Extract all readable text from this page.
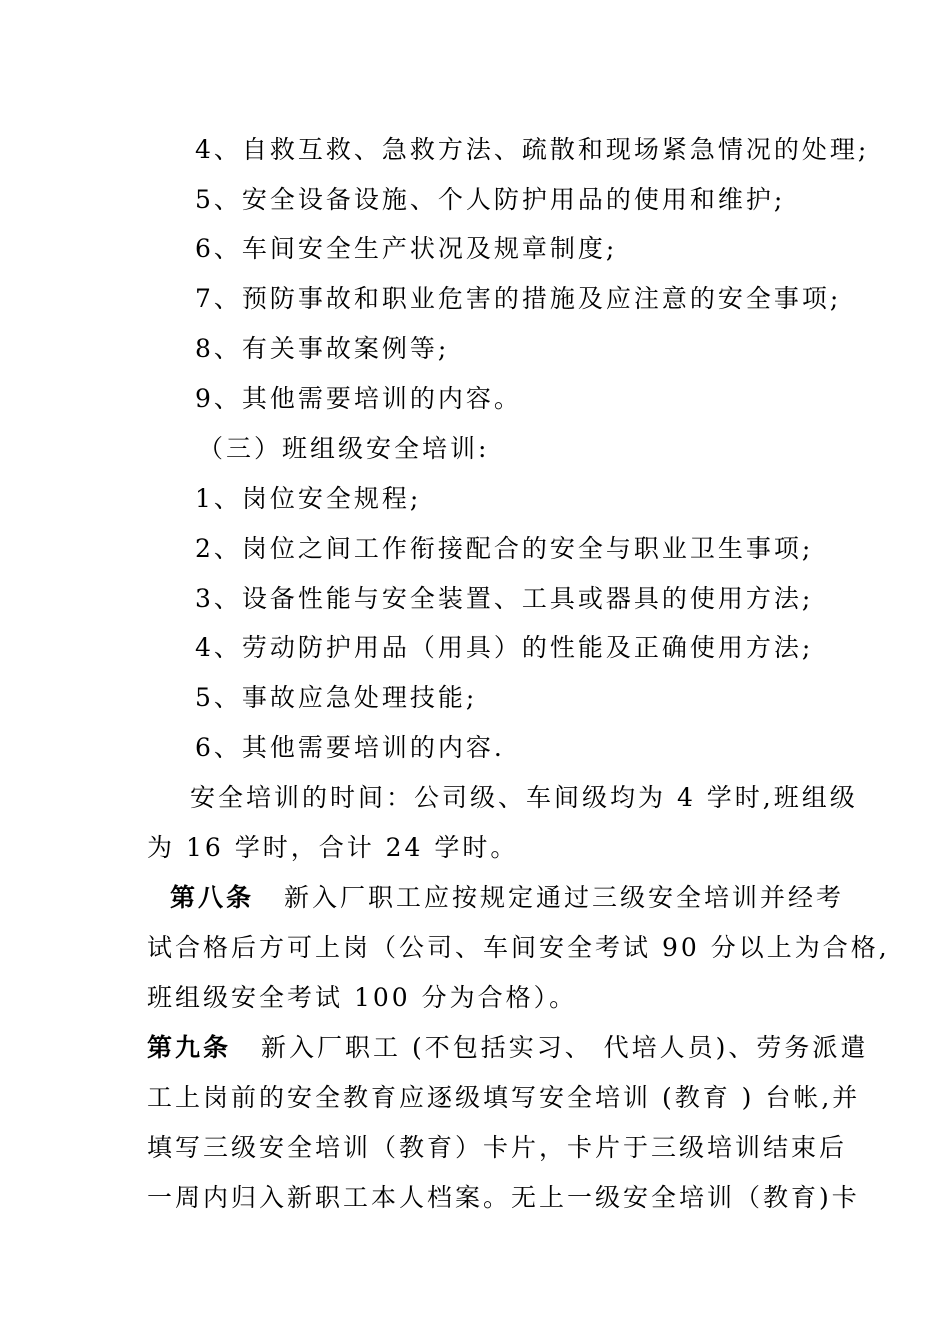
4、自救互救、急救方法、疏散和现场紧急情况的处理;
5、安全设备设施、个人防护用品的使用和维护;
6、车间安全生产状况及规章制度;
7、预防事故和职业危害的措施及应注意的安全事项;
8、有关事故案例等;
9、其他需要培训的内容。
（三）班组级安全培训:
1、岗位安全规程;
2、岗位之间工作衔接配合的安全与职业卫生事项;
3、设备性能与安全装置、工具或器具的使用方法;
4、劳动防护用品（用具）的性能及正确使用方法;
5、事故应急处理技能;
6、其他需要培训的内容.
安全培训的时间：公司级、车间级均为 4 学时,班组级
为 16 学时，合计 24 学时。
第八条 新入厂职工应按规定通过三级安全培训并经考
试合格后方可上岗（公司、车间安全考试 90 分以上为合格,
班组级安全考试 100 分为合格）。
第九条 新入厂职工 (不包括实习、 代培人员)、劳务派遣
工上岗前的安全教育应逐级填写安全培训 (教育 ) 台帐,并
填写三级安全培训（教育）卡片，卡片于三级培训结束后
一周内归入新职工本人档案。无上一级安全培训（教育)卡
